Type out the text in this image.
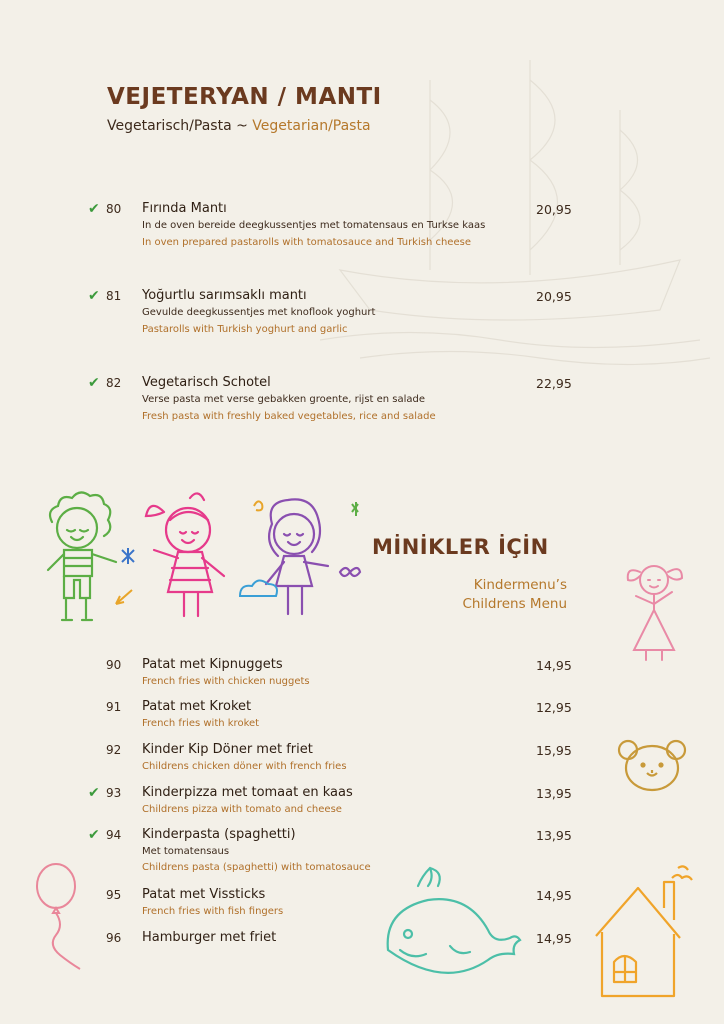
VEJETERYAN / MANTI
Vegetarisch/Pasta ~ Vegetarian/Pasta
✔ 80 Fırında Mantı	20,95
In de oven bereide deegkussentjes met tomatensaus en Turkse kaas
In oven prepared pastarolls with tomatosauce and Turkish cheese
✔ 81 Yoğurtlu sarımsaklı mantı	20,95
Gevulde deegkussentjes met knoflook yoghurt
Pastarolls with Turkish yoghurt and garlic
✔ 82 Vegetarisch Schotel	22,95
Verse pasta met verse gebakken groente, rijst en salade
Fresh pasta with freshly baked vegetables, rice and salade
MİNİKLER İÇİN
Kindermenu’s
Childrens Menu
90 Patat met Kipnuggets	14,95
French fries with chicken nuggets
91 Patat met Kroket	12,95
French fries with kroket
92 Kinder Kip Döner met friet	15,95
Childrens chicken döner with french fries
✔ 93 Kinderpizza met tomaat en kaas	13,95
Childrens pizza with tomato and cheese
✔ 94 Kinderpasta (spaghetti)	13,95
Met tomatensaus
Childrens pasta (spaghetti) with tomatosauce
95 Patat met Vissticks	14,95
French fries with fish fingers
96 Hamburger met friet	14,95
